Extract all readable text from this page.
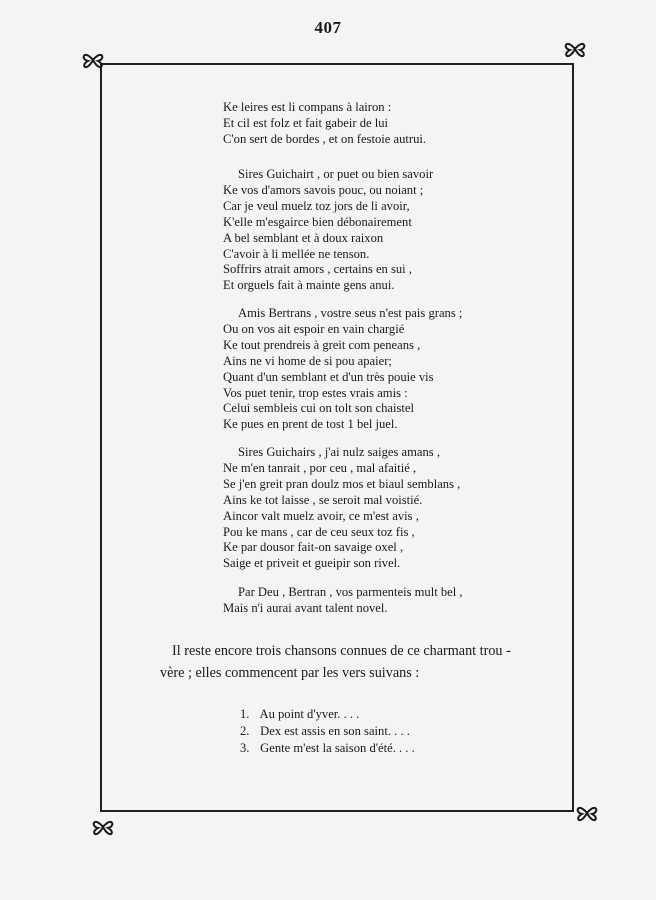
407
Ke leires est li compans à lairon :
Et cil est folz et fait gabeir de lui
C'on sert de bordes , et on festoie autrui.
Sires Guichairt , or puet ou bien savoir
Ke vos d'amors savois pouc, ou noiant ;
Car je veul muelz toz jors de li avoir,
K'elle m'esgairce bien débonairement
A bel semblant et à doux raixon
C'avoir à li mellée ne tenson.
Soffrirs atrait amors , certains en sui ,
Et orguels fait à mainte gens anui.
Amis Bertrans , vostre seus n'est pais grans ;
Ou on vos ait espoir en vain chargié
Ke tout prendreis à greit com peneans ,
Ains ne vi home de si pou apaier;
Quant d'un semblant et d'un très pouie vis
Vos puet tenir, trop estes vrais amis :
Celui sembleis cui on tolt son chaistel
Ke pues en prent de tost 1 bel juel.
Sires Guichairs , j'ai nulz saiges amans ,
Ne m'en tanrait , por ceu , mal afaitié ,
Se j'en greit pran doulz mos et biaul semblans ,
Ains ke tot laisse , se seroit mal voistié.
Aincor valt muelz avoir, ce m'est avis ,
Pou ke mans , car de ceu seux toz fis ,
Ke par dousor fait-on savaige oxel ,
Saige et priveit et gueipir son rivel.
Par Deu , Bertran , vos parmenteis mult bel ,
Mais n'i aurai avant talent novel.
Il reste encore trois chansons connues de ce charmant trou -
vère ; elles commencent par les vers suivans :
1. Au point d'yver. . . .
2. Dex est assis en son saint. . . .
3. Gente m'est la saison d'été. . . .
